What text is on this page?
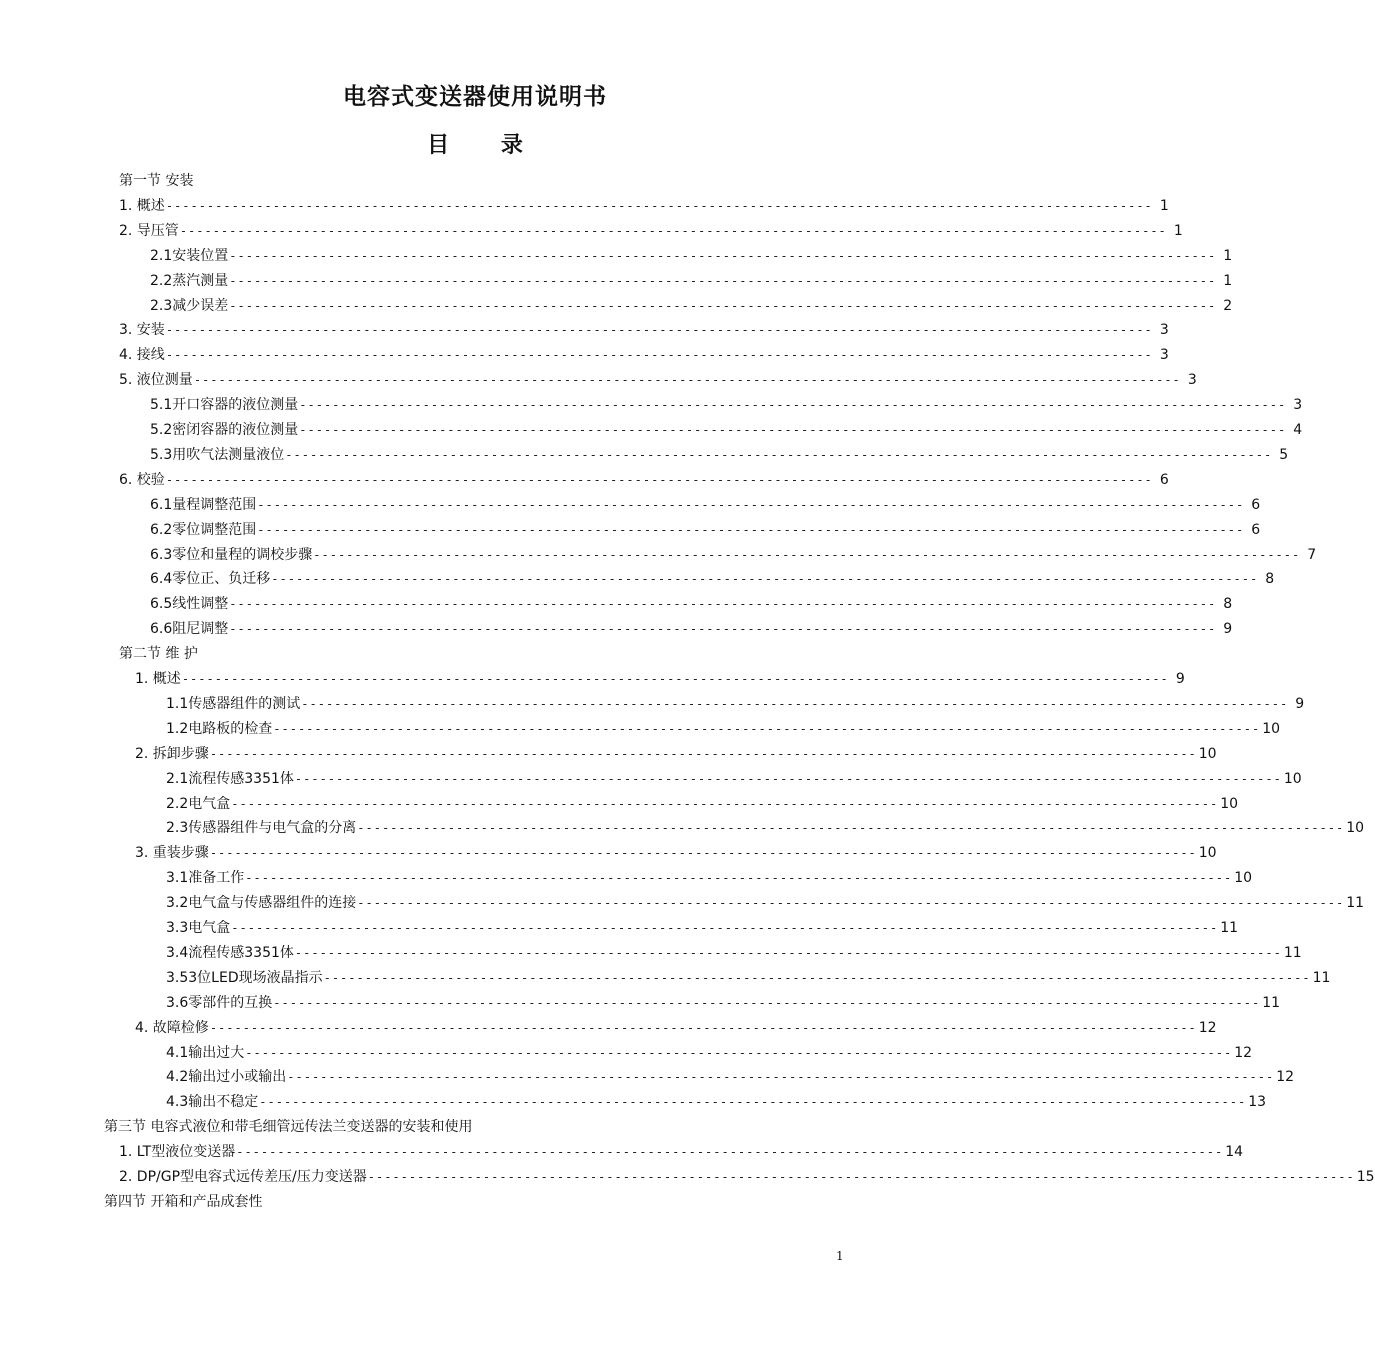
电容式变送器使用说明书
目 录
第一节 安装
1. 概述 ------------------------------------------------------------------------------------------------------------------------ 1
2. 导压管 ------------------------------------------------------------------------------------------------------------------------ 1
2.1安装位置 ------------------------------------------------------------------------------------------------------------------------ 1
2.2蒸汽测量 ------------------------------------------------------------------------------------------------------------------------ 1
2.3减少误差 ------------------------------------------------------------------------------------------------------------------------ 2
3. 安装 ------------------------------------------------------------------------------------------------------------------------ 3
4. 接线 ------------------------------------------------------------------------------------------------------------------------ 3
5. 液位测量 ------------------------------------------------------------------------------------------------------------------------ 3
5.1开口容器的液位测量 ------------------------------------------------------------------------------------------------------------------------ 3
5.2密闭容器的液位测量 ------------------------------------------------------------------------------------------------------------------------ 4
5.3用吹气法测量液位 ------------------------------------------------------------------------------------------------------------------------ 5
6. 校验 ------------------------------------------------------------------------------------------------------------------------ 6
6.1量程调整范围 ------------------------------------------------------------------------------------------------------------------------ 6
6.2零位调整范围 ------------------------------------------------------------------------------------------------------------------------ 6
6.3零位和量程的调校步骤 ------------------------------------------------------------------------------------------------------------------------ 7
6.4零位正、负迁移 ------------------------------------------------------------------------------------------------------------------------ 8
6.5线性调整 ------------------------------------------------------------------------------------------------------------------------ 8
6.6阻尼调整 ------------------------------------------------------------------------------------------------------------------------ 9
第二节 维 护
1. 概述 ------------------------------------------------------------------------------------------------------------------------ 9
1.1传感器组件的测试 ------------------------------------------------------------------------------------------------------------------------ 9
1.2电路板的检查 ------------------------------------------------------------------------------------------------------------------------ 10
2. 拆卸步骤 ------------------------------------------------------------------------------------------------------------------------ 10
2.1流程传感3351体 ------------------------------------------------------------------------------------------------------------------------ 10
2.2电气盒 ------------------------------------------------------------------------------------------------------------------------ 10
2.3传感器组件与电气盒的分离 ------------------------------------------------------------------------------------------------------------------------ 10
3. 重装步骤 ------------------------------------------------------------------------------------------------------------------------ 10
3.1准备工作 ------------------------------------------------------------------------------------------------------------------------ 10
3.2电气盒与传感器组件的连接 ------------------------------------------------------------------------------------------------------------------------ 11
3.3电气盒 ------------------------------------------------------------------------------------------------------------------------ 11
3.4流程传感3351体 ------------------------------------------------------------------------------------------------------------------------ 11
3.53位LED现场液晶指示 ------------------------------------------------------------------------------------------------------------------------ 11
3.6零部件的互换 ------------------------------------------------------------------------------------------------------------------------ 11
4. 故障检修 ------------------------------------------------------------------------------------------------------------------------ 12
4.1输出过大 ------------------------------------------------------------------------------------------------------------------------ 12
4.2输出过小或输出 ------------------------------------------------------------------------------------------------------------------------ 12
4.3输出不稳定 ------------------------------------------------------------------------------------------------------------------------ 13
第三节 电容式液位和带毛细管远传法兰变送器的安装和使用
1. LT型液位变送器 ------------------------------------------------------------------------------------------------------------------------ 14
2. DP/GP型电容式远传差压/压力变送器 ------------------------------------------------------------------------------------------------------------------------ 15
第四节 开箱和产品成套性
1
